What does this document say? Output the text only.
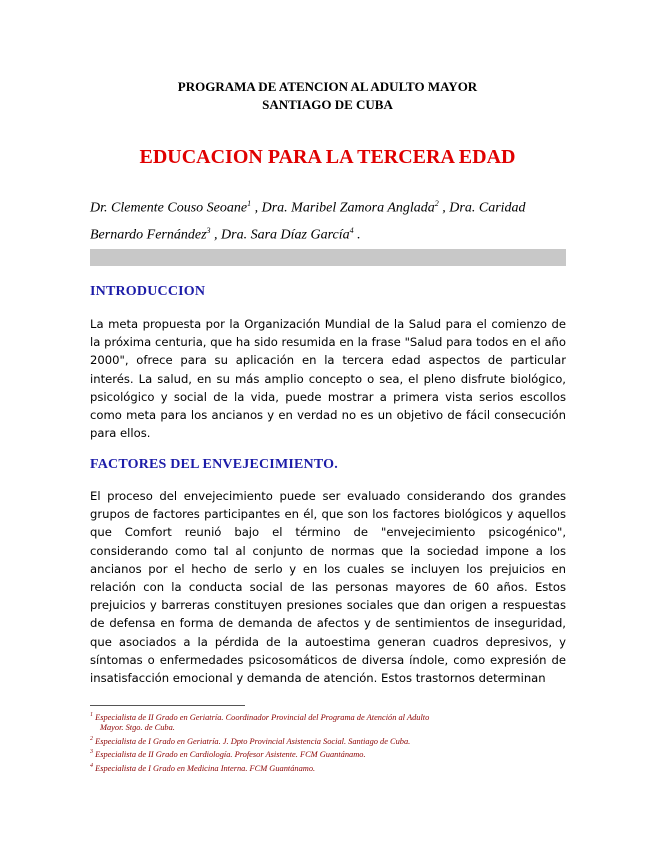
PROGRAMA DE ATENCION AL ADULTO MAYOR
SANTIAGO DE CUBA
EDUCACION PARA LA TERCERA EDAD
Dr. Clemente Couso Seoane$^1$ , Dra. Maribel Zamora Anglada$^2$ , Dra. Caridad Bernardo Fernández$^3$ , Dra. Sara Díaz García$^4$ .
INTRODUCCION
La meta propuesta por la Organización Mundial de la Salud para el comienzo de la próxima centuria, que ha sido resumida en la frase "Salud para todos en el año 2000", ofrece para su aplicación en la tercera edad aspectos de particular interés. La salud, en su más amplio concepto o sea, el pleno disfrute biológico, psicológico y social de la vida, puede mostrar a primera vista serios escollos como meta para los ancianos y en verdad no es un objetivo de fácil consecución para ellos.
FACTORES DEL ENVEJECIMIENTO.
El proceso del envejecimiento puede ser evaluado considerando dos grandes grupos de factores participantes en él, que son los factores biológicos y aquellos que Comfort reunió bajo el término de "envejecimiento psicogénico", considerando como tal al conjunto de normas que la sociedad impone a los ancianos por el hecho de serlo y en los cuales se incluyen los prejuicios en relación con la conducta social de las personas mayores de 60 años. Estos prejuicios y barreras constituyen presiones sociales que dan origen a respuestas de defensa en forma de demanda de afectos y de sentimientos de inseguridad, que asociados a la pérdida de la autoestima generan cuadros depresivos, y síntomas o enfermedades psicosomáticos de diversa índole, como expresión de insatisfacción emocional y demanda de atención. Estos trastornos determinan

$^1$ Especialista de II Grado en Geriatría. Coordinador Provincial del Programa de Atención al Adulto

Mayor. Stgo. de Cuba.

$^2$ Especialista de I Grado en Geriatría. J. Dpto Provincial Asistencia Social. Santiago de Cuba.

$^3$ Especialista de II Grado en Cardiología. Profesor Asistente. FCM Guantánamo.

$^4$ Especialista de I Grado en Medicina Interna. FCM Guantánamo.
